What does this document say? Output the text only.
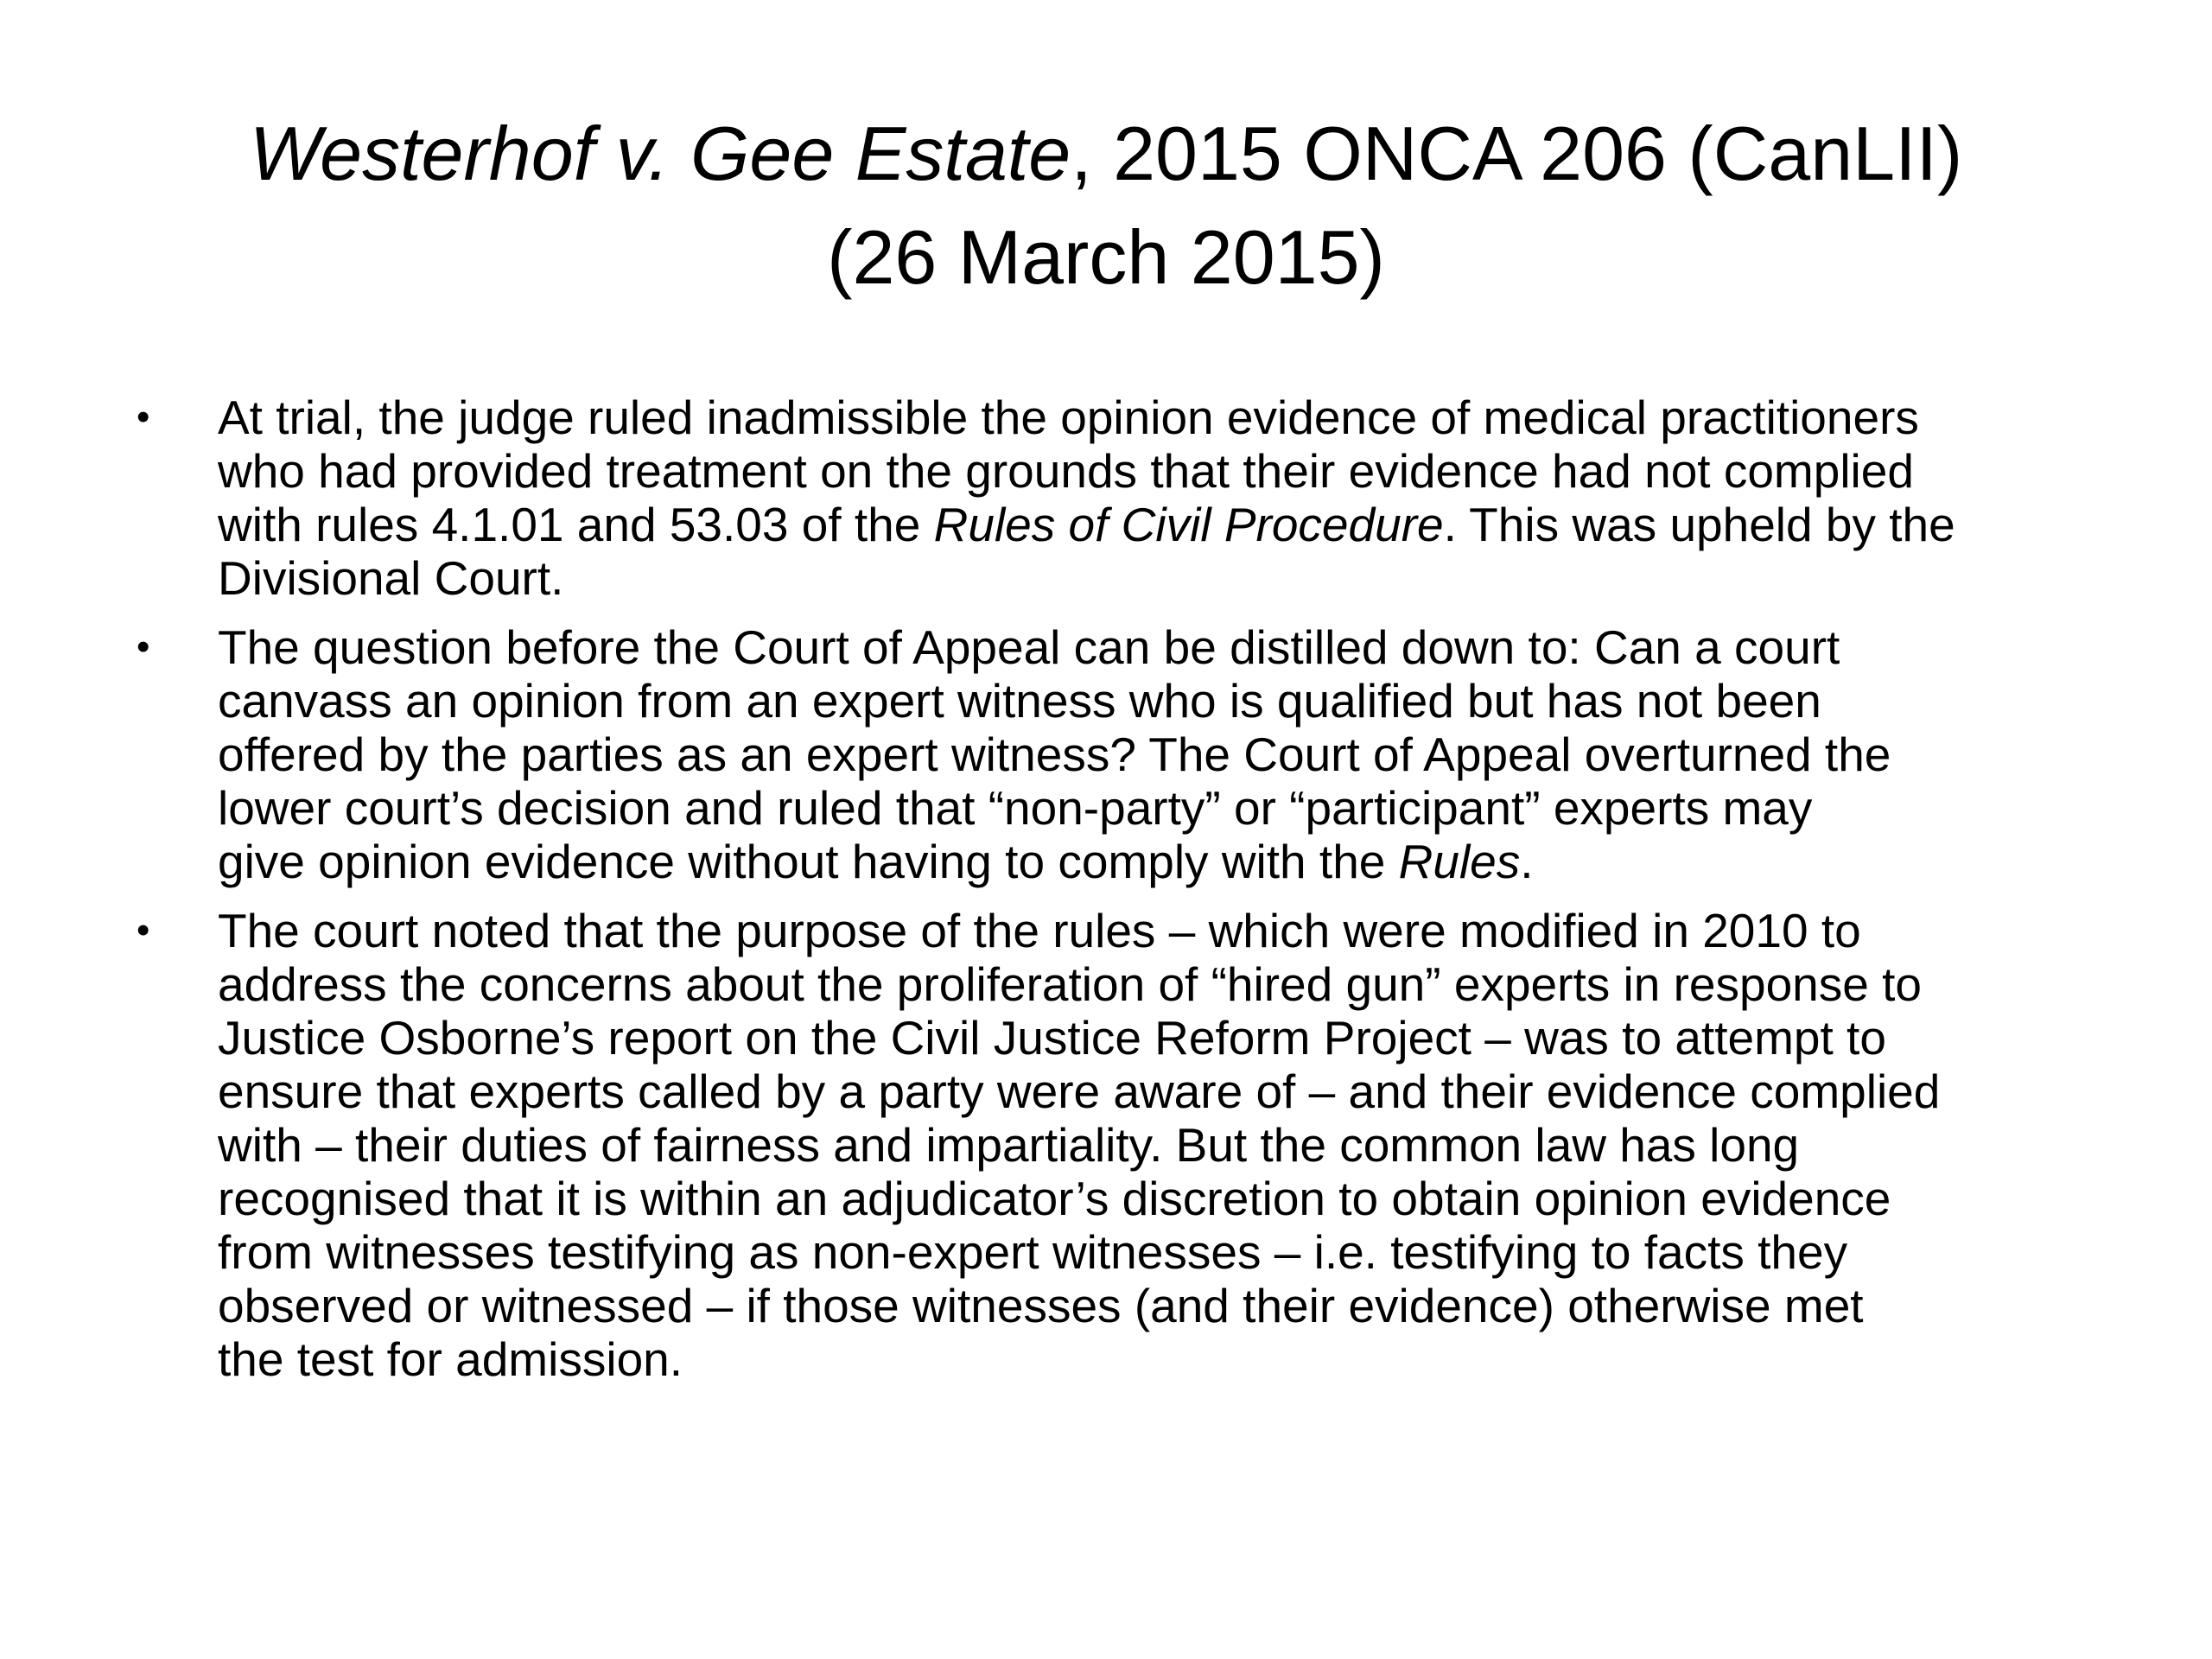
Westerhof v. Gee Estate, 2015 ONCA 206 (CanLII)
(26 March 2015)
• At trial, the judge ruled inadmissible the opinion evidence of medical practitioners
who had provided treatment on the grounds that their evidence had not complied
with rules 4.1.01 and 53.03 of the Rules of Civil Procedure. This was upheld by the
Divisional Court.
• The question before the Court of Appeal can be distilled down to: Can a court
canvass an opinion from an expert witness who is qualified but has not been
offered by the parties as an expert witness? The Court of Appeal overturned the
lower court’s decision and ruled that “non-party” or “participant” experts may
give opinion evidence without having to comply with the Rules.
• The court noted that the purpose of the rules – which were modified in 2010 to
address the concerns about the proliferation of “hired gun” experts in response to
Justice Osborne’s report on the Civil Justice Reform Project – was to attempt to
ensure that experts called by a party were aware of – and their evidence complied
with – their duties of fairness and impartiality. But the common law has long
recognised that it is within an adjudicator’s discretion to obtain opinion evidence
from witnesses testifying as non-expert witnesses – i.e. testifying to facts they
observed or witnessed – if those witnesses (and their evidence) otherwise met
the test for admission.
